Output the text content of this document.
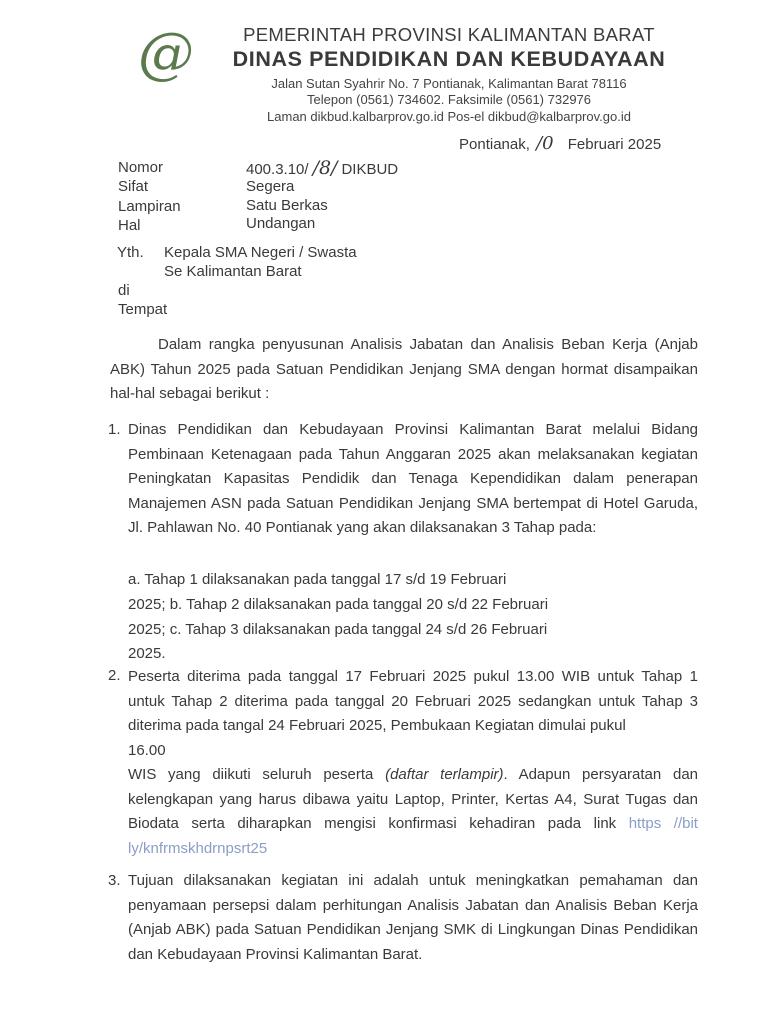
@	PEMERINTAH PROVINSI KALIMANTAN BARAT
DINAS PENDIDIKAN DAN KEBUDAYAAN
Jalan Sutan Syahrir No. 7 Pontianak, Kalimantan Barat 78116
Telepon (0561) 734602. Faksimile (0561) 732976
Laman dikbud.kalbarprov.go.id Pos-el dikbud@kalbarprov.go.id
Pontianak, /0 Februari 2025
Nomor	400.3.10/ /8/ DIKBUD
Sifat	Segera
Lampiran	Satu Berkas
Hal	Undangan
Yth. Kepala SMA Negeri / Swasta
Se Kalimantan Barat
di
Tempat
Dalam rangka penyusunan Analisis Jabatan dan Analisis Beban Kerja (Anjab ABK) Tahun 2025 pada Satuan Pendidikan Jenjang SMA dengan hormat disampaikan hal-hal sebagai berikut :
1. Dinas Pendidikan dan Kebudayaan Provinsi Kalimantan Barat melalui Bidang Pembinaan Ketenagaan pada Tahun Anggaran 2025 akan melaksanakan kegiatan Peningkatan Kapasitas Pendidik dan Tenaga Kependidikan dalam penerapan Manajemen ASN pada Satuan Pendidikan Jenjang SMA bertempat di Hotel Garuda, Jl. Pahlawan No. 40 Pontianak yang akan dilaksanakan 3 Tahap pada:
a. Tahap 1 dilaksanakan pada tanggal 17 s/d 19 Februari
2025; b. Tahap 2 dilaksanakan pada tanggal 20 s/d 22 Februari
2025; c. Tahap 3 dilaksanakan pada tanggal 24 s/d 26 Februari
2025.
2. Peserta diterima pada tanggal 17 Februari 2025 pukul 13.00 WIB untuk Tahap 1 untuk Tahap 2 diterima pada tanggal 20 Februari 2025 sedangkan untuk Tahap 3 diterima pada tangal 24 Februari 2025, Pembukaan Kegiatan dimulai pukul
16.00
WIS yang diikuti seluruh peserta (daftar terlampir). Adapun persyaratan dan kelengkapan yang harus dibawa yaitu Laptop, Printer, Kertas A4, Surat Tugas dan Biodata serta diharapkan mengisi konfirmasi kehadiran pada link https //bit ly/knfrmskhdrnpsrt25
3. Tujuan dilaksanakan kegiatan ini adalah untuk meningkatkan pemahaman dan penyamaan persepsi dalam perhitungan Analisis Jabatan dan Analisis Beban Kerja (Anjab ABK) pada Satuan Pendidikan Jenjang SMK di Lingkungan Dinas Pendidikan dan Kebudayaan Provinsi Kalimantan Barat.
